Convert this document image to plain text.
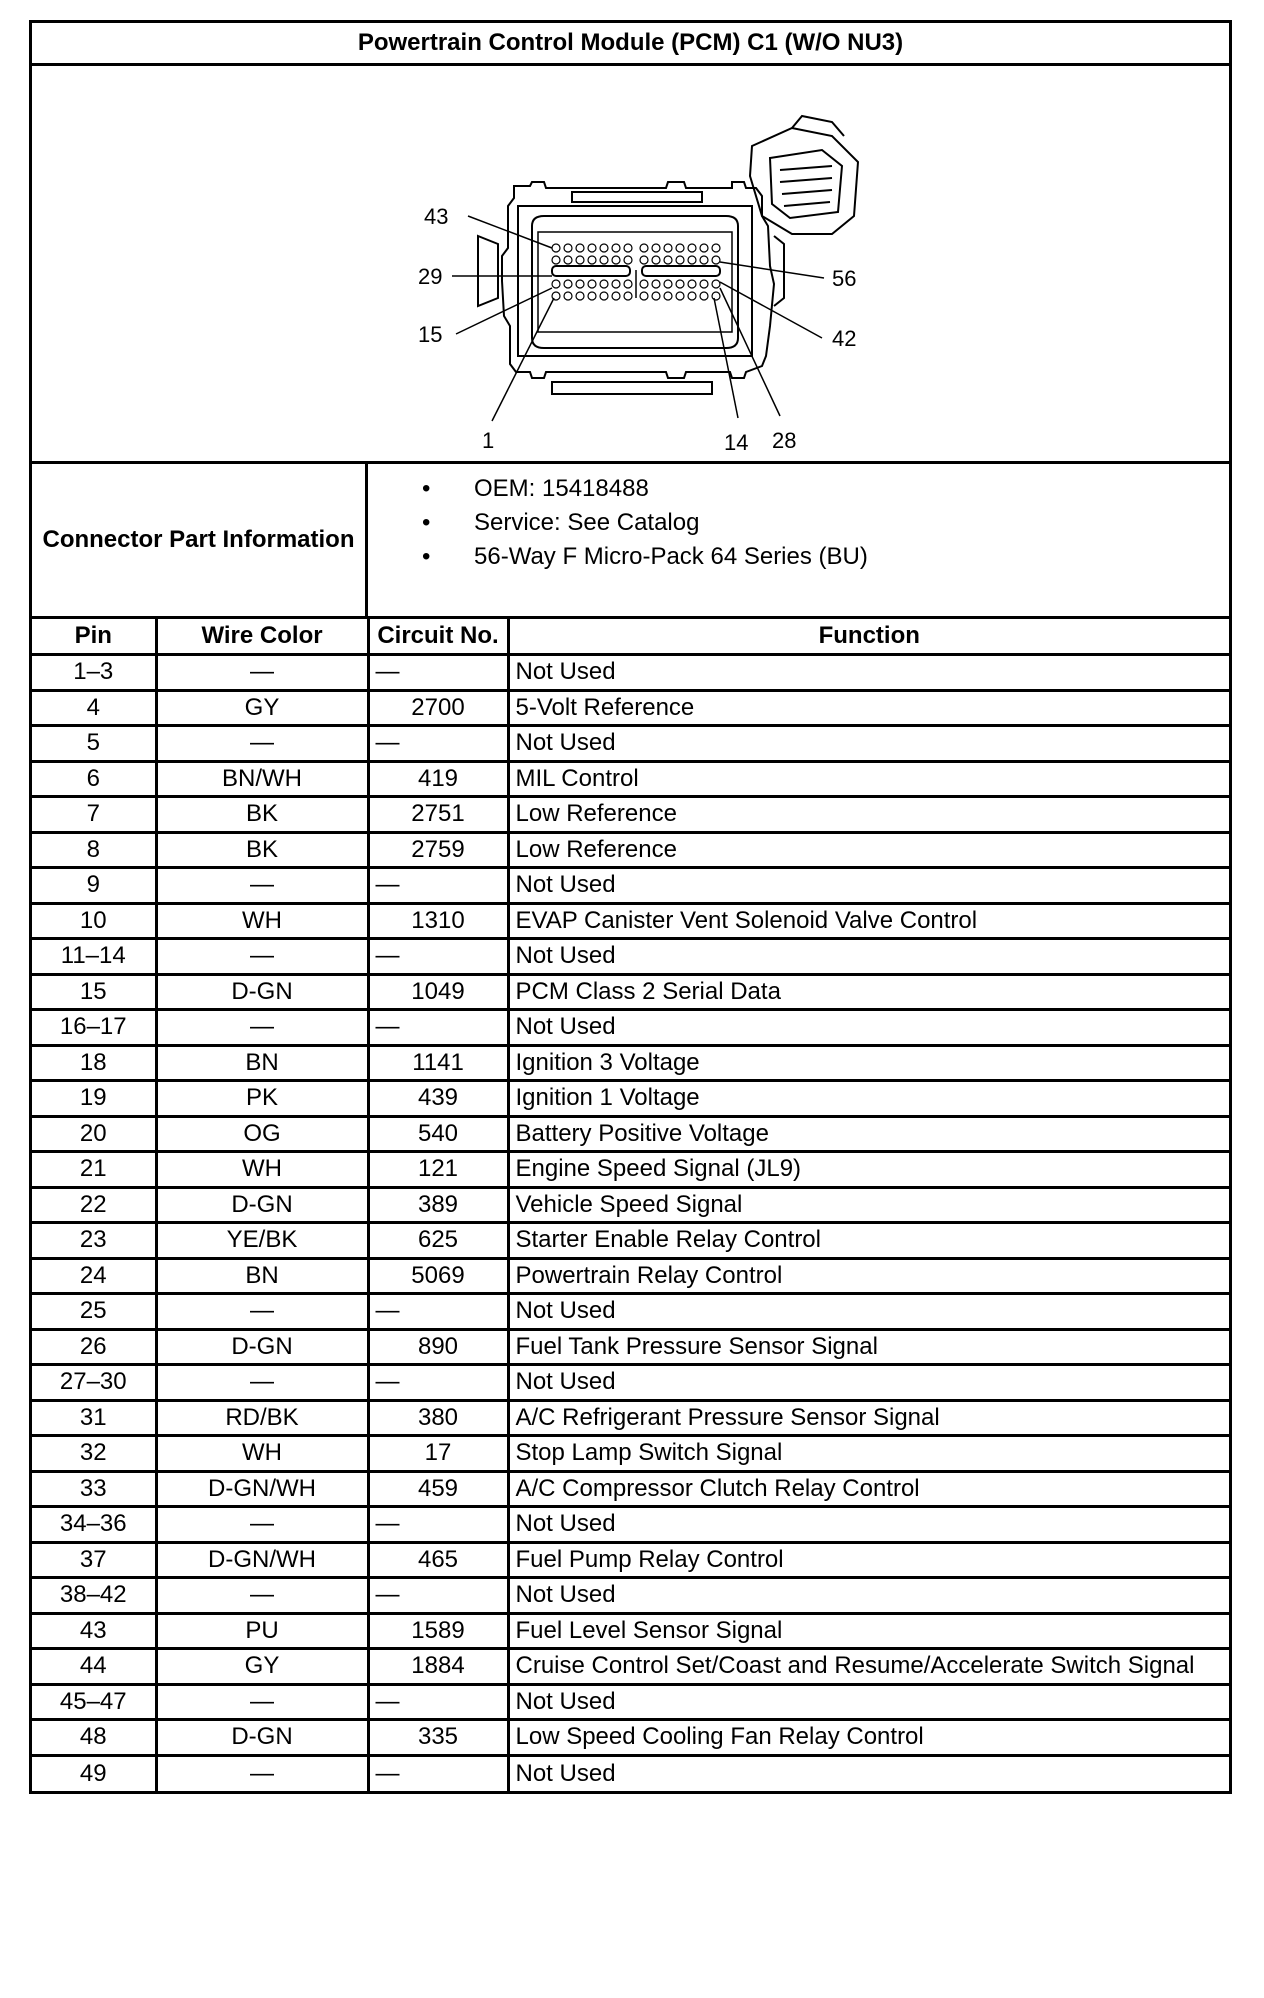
Powertrain Control Module (PCM) C1 (W/O NU3)
43
29
15
1
56
42
14 28
Connector Part Information
• OEM: 15418488
• Service: See Catalog
• 56-Way F Micro-Pack 64 Series (BU)
Pin	Wire Color	Circuit No.	Function
1–3	—	—	Not Used
4	GY	2700	5-Volt Reference
5	—	—	Not Used
6	BN/WH	419	MIL Control
7	BK	2751	Low Reference
8	BK	2759	Low Reference
9	—	—	Not Used
10	WH	1310	EVAP Canister Vent Solenoid Valve Control
11–14	—	—	Not Used
15	D-GN	1049	PCM Class 2 Serial Data
16–17	—	—	Not Used
18	BN	1141	Ignition 3 Voltage
19	PK	439	Ignition 1 Voltage
20	OG	540	Battery Positive Voltage
21	WH	121	Engine Speed Signal (JL9)
22	D-GN	389	Vehicle Speed Signal
23	YE/BK	625	Starter Enable Relay Control
24	BN	5069	Powertrain Relay Control
25	—	—	Not Used
26	D-GN	890	Fuel Tank Pressure Sensor Signal
27–30	—	—	Not Used
31	RD/BK	380	A/C Refrigerant Pressure Sensor Signal
32	WH	17	Stop Lamp Switch Signal
33	D-GN/WH	459	A/C Compressor Clutch Relay Control
34–36	—	—	Not Used
37	D-GN/WH	465	Fuel Pump Relay Control
38–42	—	—	Not Used
43	PU	1589	Fuel Level Sensor Signal
44	GY	1884	Cruise Control Set/Coast and Resume/Accelerate Switch Signal
45–47	—	—	Not Used
48	D-GN	335	Low Speed Cooling Fan Relay Control
49	—	—	Not Used
